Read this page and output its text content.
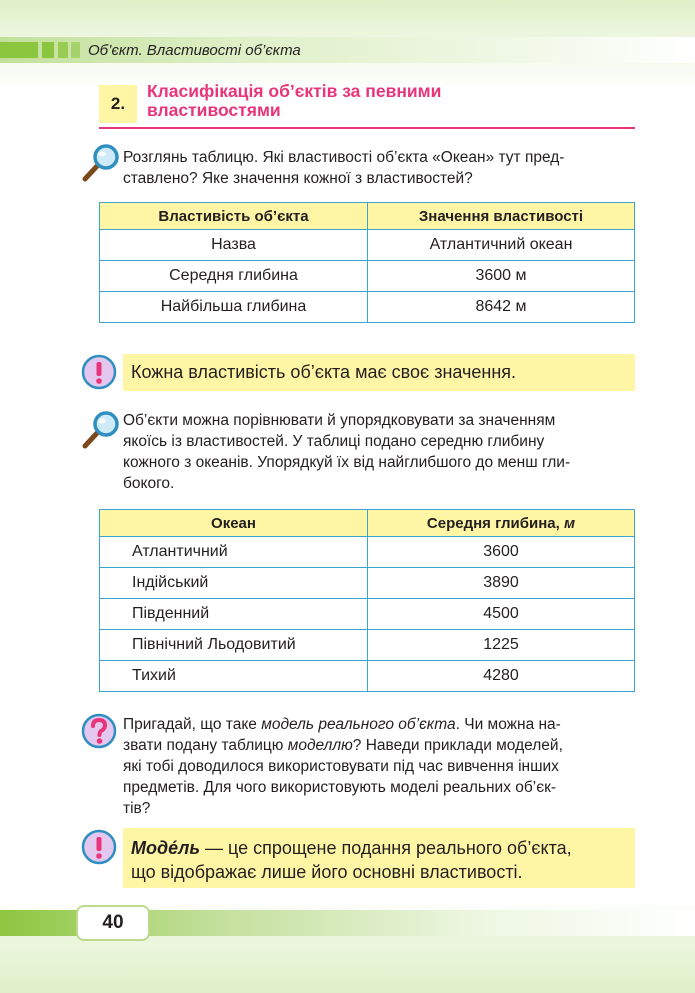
Об’єкт. Властивості об’єкта
2.
Класифікація об’єктів за певними
властивостями
Розглянь таблицю. Які властивості об’єкта «Океан» тут пред-
ставлено? Яке значення кожної з властивостей?
Властивість об’єкта	Значення властивості
Назва	Атлантичний океан
Середня глибина	3600 м
Найбільша глибина	8642 м
Кожна властивість об’єкта має своє значення.
Об’єкти можна порівнювати й упорядковувати за значенням
якоїсь із властивостей. У таблиці подано середню глибину
кожного з океанів. Упорядкуй їх від найглибшого до менш гли-
бокого.
Океан	Середня глибина, м
Атлантичний	3600
Індійський	3890
Південний	4500
Північний Льодовитий	1225
Тихий	4280
Пригадай, що таке модель реального об’єкта. Чи можна на-
звати подану таблицю моделлю? Наведи приклади моделей,
які тобі доводилося використовувати під час вивчення інших
предметів. Для чого використовують моделі реальних об’єк-
тів?
Моде́ль — це спрощене подання реального об’єкта,
що відображає лише його основні властивості.
40
